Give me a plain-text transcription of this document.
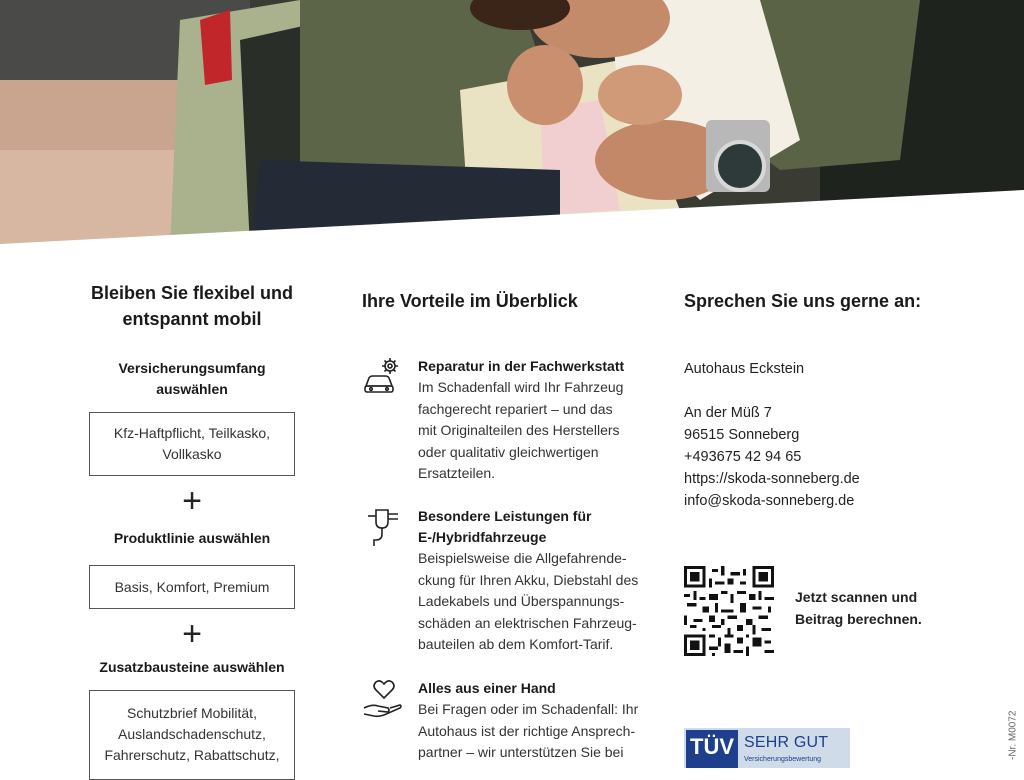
Bleiben Sie flexibel und
entspannt mobil

Versicherungsumfang
auswählen

Kfz-Haftpflicht, Teilkasko,
Vollkasko
+

Produktlinie auswählen

Basis, Komfort, Premium
+

Zusatzbausteine auswählen

Schutzbrief Mobilität,
Auslandschadenschutz,
Fahrerschutz, Rabattschutz,

Ihre Vorteile im Überblick

Reparatur in der Fachwerkstatt
Im Schadenfall wird Ihr Fahrzeug
fachgerecht repariert – und das
mit Originalteilen des Herstellers
oder qualitativ gleichwertigen
Ersatzteilen.
Besondere Leistungen für
E-/Hybridfahrzeuge
Beispielsweise die Allgefahrende-
ckung für Ihren Akku, Diebstahl des
Ladekabels und Überspannungs-
schäden an elektrischen Fahrzeug-
bauteilen ab dem Komfort-Tarif.
Alles aus einer Hand
Bei Fragen oder im Schadenfall: Ihr
Autohaus ist der richtige Ansprech-
partner – wir unterstützen Sie bei

Sprechen Sie uns gerne an:

Autohaus Eckstein
An der Müß 7
96515 Sonneberg
+493675 42 94 65
https://skoda-sonneberg.de
info@skoda-sonneberg.de
Jetzt scannen und
Beitrag berechnen.
TÜV SEHR GUT
Versicherungsbewertung	-Nr. M0072
